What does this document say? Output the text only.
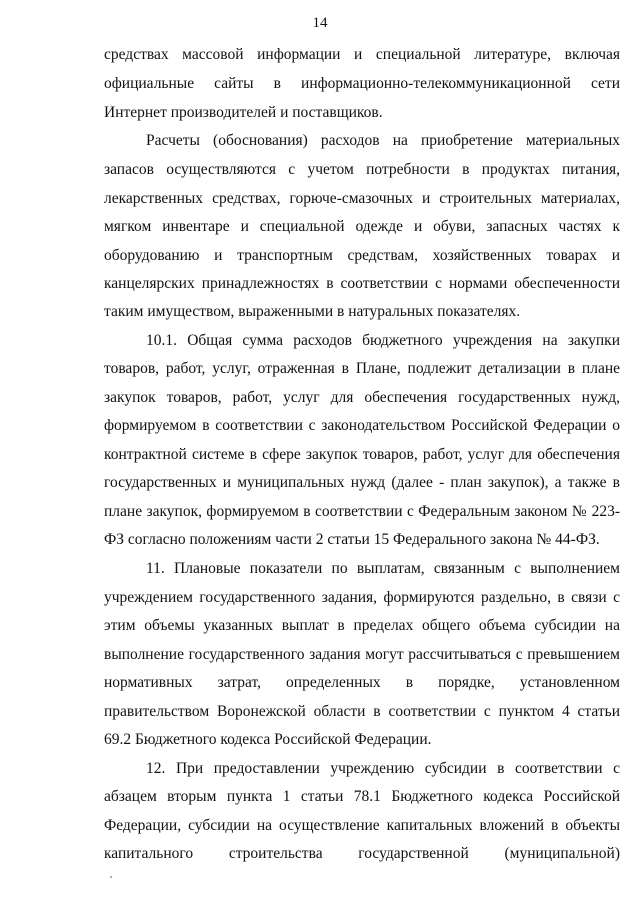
14
средствах массовой информации и специальной литературе, включая
официальные сайты в информационно-телекоммуникационной сети
Интернет производителей и поставщиков.
Расчеты (обоснования) расходов на приобретение материальных
запасов осуществляются с учетом потребности в продуктах питания,
лекарственных средствах, горюче-смазочных и строительных материалах,
мягком инвентаре и специальной одежде и обуви, запасных частях к
оборудованию и транспортным средствам, хозяйственных товарах и
канцелярских принадлежностях в соответствии с нормами обеспеченности
таким имуществом, выраженными в натуральных показателях.
10.1. Общая сумма расходов бюджетного учреждения на закупки
товаров, работ, услуг, отраженная в Плане, подлежит детализации в плане
закупок товаров, работ, услуг для обеспечения государственных нужд,
формируемом в соответствии с законодательством Российской Федерации о
контрактной системе в сфере закупок товаров, работ, услуг для обеспечения
государственных и муниципальных нужд (далее - план закупок), а также в
плане закупок, формируемом в соответствии с Федеральным законом № 223-
ФЗ согласно положениям части 2 статьи 15 Федерального закона № 44-ФЗ.
11. Плановые показатели по выплатам, связанным с выполнением
учреждением государственного задания, формируются раздельно, в связи с
этим объемы указанных выплат в пределах общего объема субсидии на
выполнение государственного задания могут рассчитываться с превышением
нормативных затрат, определенных в порядке, установленном
правительством Воронежской области в соответствии с пунктом 4 статьи
69.2 Бюджетного кодекса Российской Федерации.
12. При предоставлении учреждению субсидии в соответствии с
абзацем вторым пункта 1 статьи 78.1 Бюджетного кодекса Российской
Федерации, субсидии на осуществление капитальных вложений в объекты
капитального строительства государственной (муниципальной)
